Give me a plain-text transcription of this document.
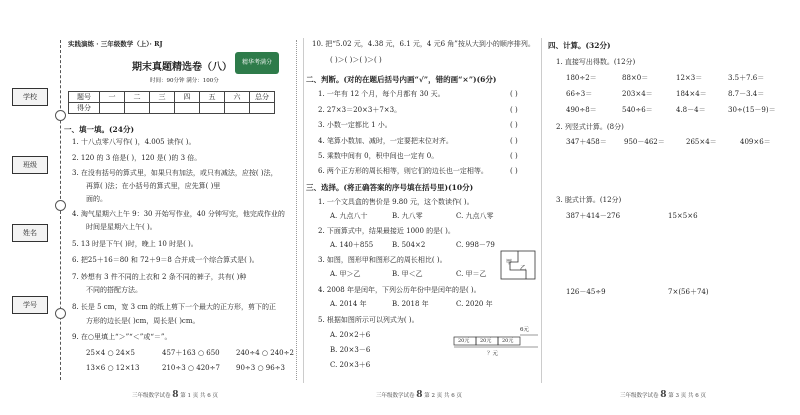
学校
班级
姓名
学号
实践演练 · 三年级数学（上）· RJ
期末真题精选卷（八）	精华考满分
时间：90分钟 满分：100分
题号	一	二	三	四	五	六	总分
得分							
一、填一填。(24分)
1. 十八点零八写作( )，4.005 读作( )。
2. 120 的 3 倍是( )，120 是( )的 3 倍。
3. 在没有括号的算式里，如果只有加法，或只有减法，应按( )法，
再算( )法；在小括号的算式里，应先算( )里
面的。
4. 淘气星期六上午 9：30 开始写作业，40 分钟写完，他完成作业的
时间是星期六上午( )。
5. 13 时是下午( )时，晚上 10 时是( )。
6. 把25＋16＝80 和 72＋9＝8 合并成一个综合算式是( )。
7. 妙想有 3 件不同的上衣和 2 条不同的裤子，共有( )种
不同的搭配方法。
8. 长是 5 cm，宽 3 cm 的纸上剪下一个最大的正方形，剪下的正
方形的边长是( )cm，周长是( )cm。
9. 在○里填上“＞”“＜”或“＝”。
25×4 ○ 24×5	457＋163 ○ 650 240÷4 ○ 240÷2
13×6 ○ 12×13	210÷3 ○ 420÷7 90÷3 ○ 96÷3
三年级数学试卷 8 第 1 页 共 6 页
10. 把“5.02 元，4.38 元，6.1 元，4 元6 角”按从大到小的顺序排列。
( )＞( )＞( )＞( )
二、判断。(对的在题后括号内画“√”，错的画“×”)(6分)
1. 一年有 12 个月，每个月都有 30 天。
2. 27×3＝20×3＋7×3。
3. 小数一定都比 1 小。
4. 笔算小数加、减时，一定要把末位对齐。
5. 乘数中间有 0，积中间也一定有 0。
6. 两个正方形的周长相等，则它们的边长也一定相等。
( )
( )
( )
( )
( )
( )
三、选择。(将正确答案的序号填在括号里)(10分)
1. 一个文具盒的售价是 9.80 元，这个数读作( )。
A. 九点八十	B. 九八零	C. 九点八零
2. 下面算式中，结果最接近 1000 的是( )。
A. 140＋855	B. 504×2	C. 998－79
3. 如图，图形甲和图形乙的周长相比( )。
A. 甲＞乙	B. 甲＜乙	C. 甲＝乙
甲
乙
4. 2008 年是闰年，下列公历年份中是闰年的是( )。
A. 2014 年	B. 2018 年	C. 2020 年
5. 根据如图所示可以列式为( )。
A. 20×2＋6
B. 20×3－6
C. 20×3＋6
6元
20元 20元 20元
？元
三年级数学试卷 8 第 2 页 共 6 页
四、计算。(32分)
1. 直接写出得数。(12分)
180÷2＝	88×0＝	12×3＝	3.5＋7.6＝
66÷3＝	203×4＝	184×4＝	8.7－3.4＝
490÷8＝	540÷6＝	4.8－4＝	30÷(15－9)＝
2. 列竖式计算。(8分)
347＋458＝ 950－462＝	265×4＝	409×6＝
3. 脱式计算。(12分)
387＋414－276	15×5×6
126－45÷9	7×(56＋74)
三年级数学试卷 8 第 3 页 共 6 页
